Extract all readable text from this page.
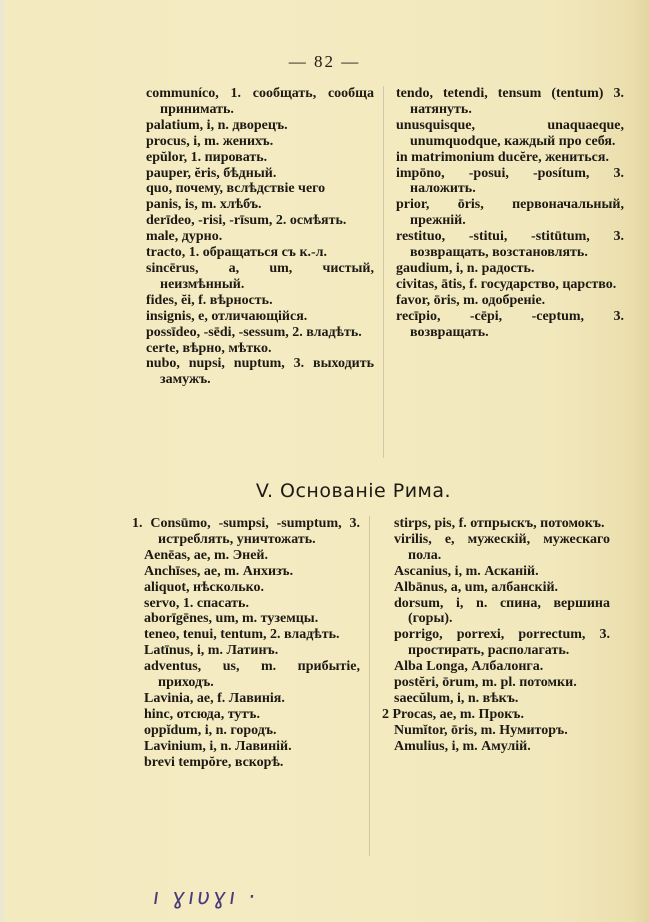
— 82 —
communíco, 1. сообщать, сообща принимать.
palatium, i, n. дворецъ.
procus, i, m. женихъ.
epŭlor, 1. пировать.
pauper, ĕris, бѣдный.
quo, почему, вслѣдствіе чего
panis, is, m. хлѣбъ.
derīdeo, -risi, -rīsum, 2. осмѣять.
male, дурно.
tracto, 1. обращаться съ к.-л.
sincērus, a, um, чистый, неизмѣнный.
fides, ĕi, f. вѣрность.
insignis, e, отличающійся.
possīdeo, -sēdi, -sessum, 2. владѣть.
certe, вѣрно, мѣтко.
nubo, nupsi, nuptum, 3. выходить замужъ.
tendo, tetendi, tensum (tentum) 3. натянуть.
unusquisque, unaquaeque, unumquodque, каждый про себя.
in matrimonium ducĕre, жениться.
impōno, -posui, -posítum, 3. наложить.
prior, ōris, первоначальный, прежній.
restituo, -stitui, -stitūtum, 3. возвращать, возстановлять.
gaudium, i, n. радость.
civitas, ātis, f. государство, царство.
favor, ōris, m. одобреніе.
recīpio, -cēpi, -ceptum, 3. возвращать.
V. Основаніе Рима.
1. Consūmo, -sumpsi, -sumptum, 3. истреблять, уничтожать.
Aenēas, ae, m. Эней.
Anchīses, ae, m. Анхизъ.
aliquot, нѣсколько.
servo, 1. спасать.
aborīgēnes, um, m. туземцы.
teneo, tenui, tentum, 2. владѣть.
Latīnus, i, m. Латинъ.
adventus, us, m. прибытіе, приходъ.
Lavinia, ae, f. Лавинія.
hinc, отсюда, тутъ.
oppĭdum, i, n. городъ.
Lavinium, i, n. Лавиній.
brevi tempŏre, вскорѣ.
stirps, pis, f. отпрыскъ, потомокъ.
virilis, e, мужескій, мужескаго пола.
Ascanius, i, m. Асканій.
Albānus, a, um, албанскій.
dorsum, i, n. спина, вершина (горы).
porrigo, porrexi, porrectum, 3. простирать, располагать.
Alba Longa, Албалонга.
postĕri, ōrum, m. pl. потомки.
saecŭlum, i, n. вѣкъ.
2 Procas, ae, m. Прокъ.
Numĭtor, ōris, m. Нумиторъ.
Amulius, i, m. Амулій.
ı ɣıυɣı ·
